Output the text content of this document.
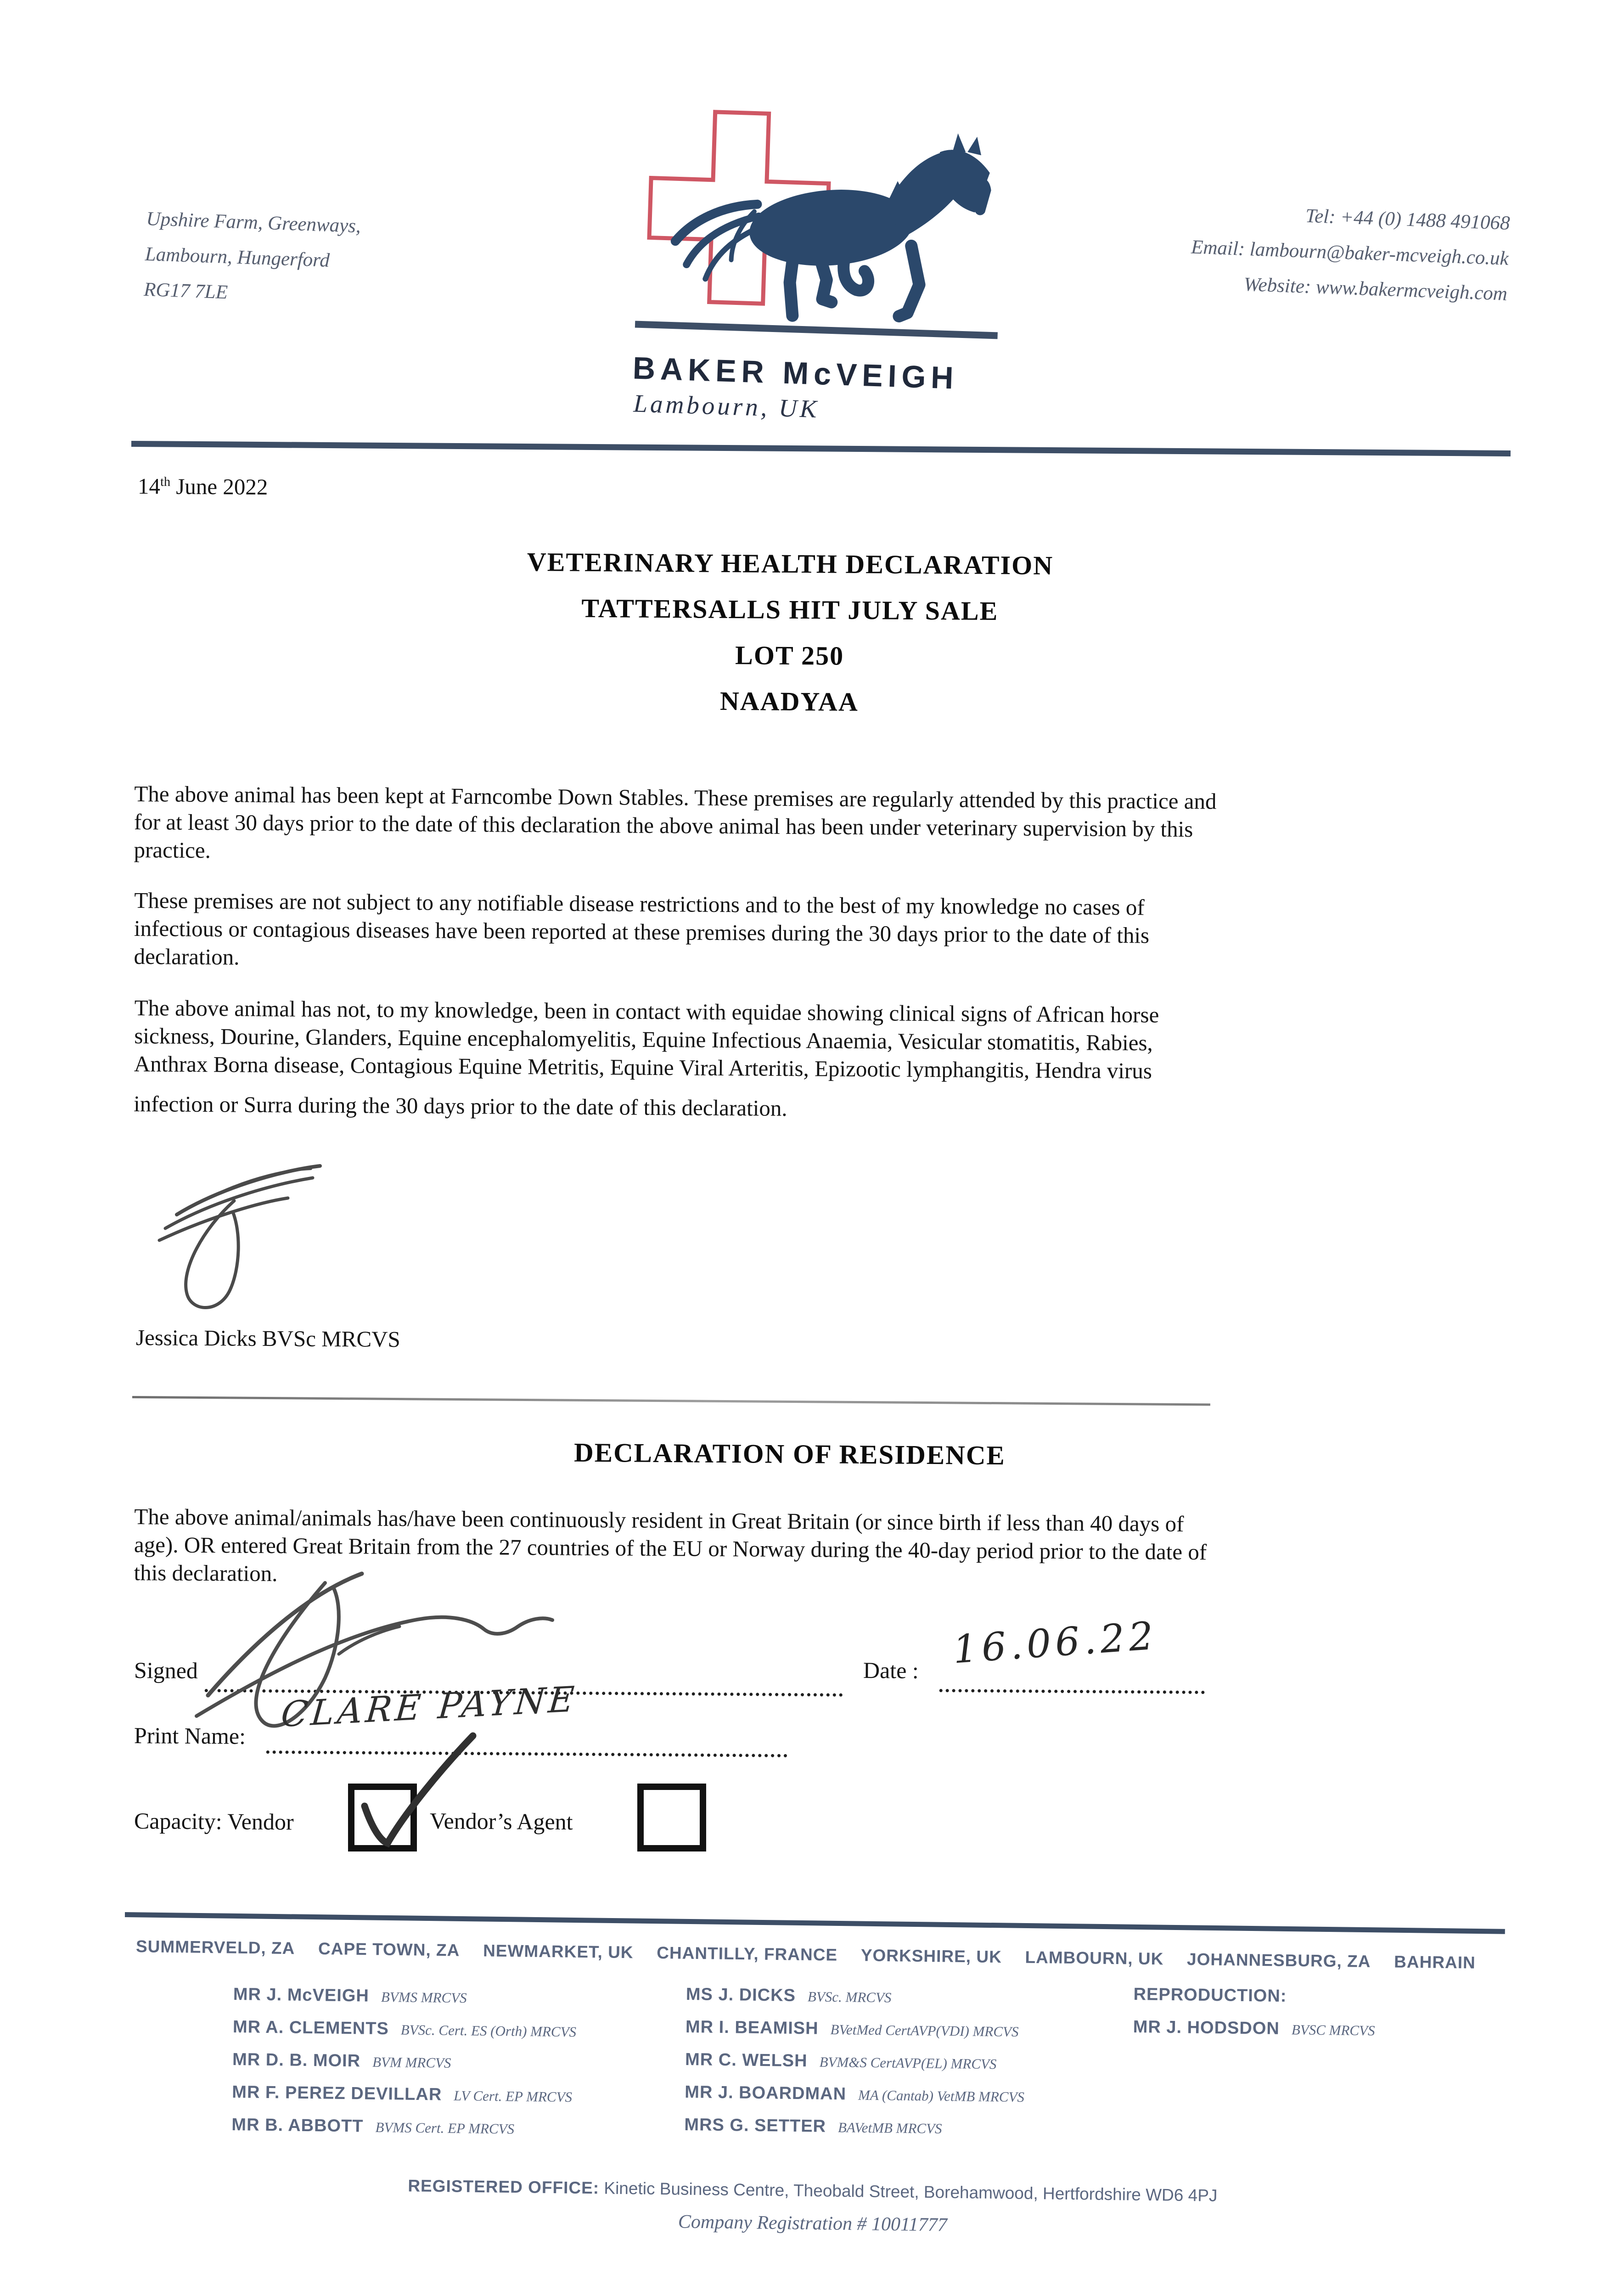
Upshire Farm, Greenways,
Lambourn, Hungerford
RG17 7LE
Tel: +44 (0) 1488 491068
Email: lambourn@baker-mcveigh.co.uk
Website: www.bakermcveigh.com
BAKER McVEIGH
Lambourn, UK
14th June 2022
VETERINARY HEALTH DECLARATION
TATTERSALLS HIT JULY SALE
LOT 250
NAADYAA
The above animal has been kept at Farncombe Down Stables. These premises are regularly attended by this practice and
for at least 30 days prior to the date of this declaration the above animal has been under veterinary supervision by this
practice.
These premises are not subject to any notifiable disease restrictions and to the best of my knowledge no cases of
infectious or contagious diseases have been reported at these premises during the 30 days prior to the date of this
declaration.
The above animal has not, to my knowledge, been in contact with equidae showing clinical signs of African horse
sickness, Dourine, Glanders, Equine encephalomyelitis, Equine Infectious Anaemia, Vesicular stomatitis, Rabies,
Anthrax Borna disease, Contagious Equine Metritis, Equine Viral Arteritis, Epizootic lymphangitis, Hendra virus
infection or Surra during the 30 days prior to the date of this declaration.
Jessica Dicks BVSc MRCVS
DECLARATION OF RESIDENCE
The above animal/animals has/have been continuously resident in Great Britain (or since birth if less than 40 days of
age). OR entered Great Britain from the 27 countries of the EU or Norway during the 40-day period prior to the date of
this declaration.
Signed	Date : 16.06.22
Print Name:
CLARE PAYNE
Capacity: Vendor	Vendor’s Agent
SUMMERVELD, ZA CAPE TOWN, ZA NEWMARKET, UK CHANTILLY, FRANCE YORKSHIRE, UK LAMBOURN, UK JOHANNESBURG, ZA BAHRAIN
MR J. McVEIGH BVMS MRCVS
MR A. CLEMENTS BVSc. Cert. ES (Orth) MRCVS
MR D. B. MOIR BVM MRCVS
MR F. PEREZ DEVILLAR LV Cert. EP MRCVS
MR B. ABBOTT BVMS Cert. EP MRCVS
MS J. DICKS BVSc. MRCVS
MR I. BEAMISH BVetMed CertAVP(VDI) MRCVS
MR C. WELSH BVM&S CertAVP(EL) MRCVS
MR J. BOARDMAN MA (Cantab) VetMB MRCVS
MRS G. SETTER BAVetMB MRCVS
REPRODUCTION:
MR J. HODSDON BVSC MRCVS
REGISTERED OFFICE: Kinetic Business Centre, Theobald Street, Borehamwood, Hertfordshire WD6 4PJ
Company Registration # 10011777
